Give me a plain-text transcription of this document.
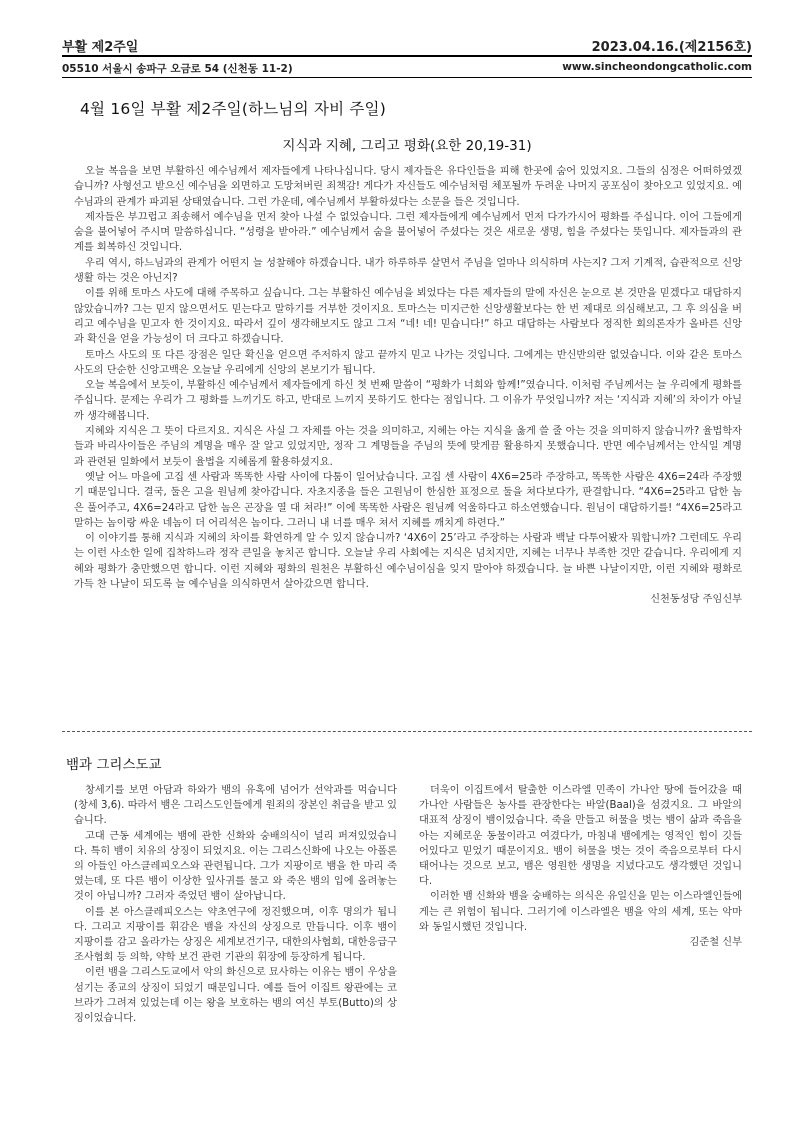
부활 제2주일	2023.04.16.(제2156호)
05510 서울시 송파구 오금로 54 (신천동 11-2)	www.sincheondongcatholic.com
4월 16일 부활 제2주일(하느님의 자비 주일)
지식과 지혜, 그리고 평화(요한 20,19-31)

오늘 복음을 보면 부활하신 예수님께서 제자들에게 나타나십니다. 당시 제자들은 유다인들을 피해 한곳에 숨어 있었지요. 그들의 심정은 어떠하였겠습니까? 사형선고 받으신 예수님을 외면하고 도망쳐버린 죄책감! 게다가 자신들도 예수님처럼 체포될까 두려운 나머지 공포심이 찾아오고 있었지요. 예수님과의 관계가 파괴된 상태였습니다. 그런 가운데, 예수님께서 부활하셨다는 소문을 들은 것입니다.

제자들은 부끄럽고 죄송해서 예수님을 먼저 찾아 나설 수 없었습니다. 그런 제자들에게 예수님께서 먼저 다가가시어 평화를 주십니다. 이어 그들에게 숨을 불어넣어 주시며 말씀하십니다. “성령을 받아라.” 예수님께서 숨을 불어넣어 주셨다는 것은 새로운 생명, 힘을 주셨다는 뜻입니다. 제자들과의 관계를 회복하신 것입니다.

우리 역시, 하느님과의 관계가 어떤지 늘 성찰해야 하겠습니다. 내가 하루하루 살면서 주님을 얼마나 의식하며 사는지? 그저 기계적, 습관적으로 신앙생활 하는 것은 아닌지?

이를 위해 토마스 사도에 대해 주목하고 싶습니다. 그는 부활하신 예수님을 뵈었다는 다른 제자들의 말에 자신은 눈으로 본 것만을 믿겠다고 대답하지 않았습니까? 그는 믿지 않으면서도 믿는다고 말하기를 거부한 것이지요. 토마스는 미지근한 신앙생활보다는 한 번 제대로 의심해보고, 그 후 의심을 버리고 예수님을 믿고자 한 것이지요. 따라서 깊이 생각해보지도 않고 그저 “네! 네! 믿습니다!” 하고 대답하는 사람보다 정직한 회의론자가 올바른 신앙과 확신을 얻을 가능성이 더 크다고 하겠습니다.

토마스 사도의 또 다른 장점은 일단 확신을 얻으면 주저하지 않고 끝까지 믿고 나가는 것입니다. 그에게는 반신반의란 없었습니다. 이와 같은 토마스 사도의 단순한 신앙고백은 오늘날 우리에게 신앙의 본보기가 됩니다.

오늘 복음에서 보듯이, 부활하신 예수님께서 제자들에게 하신 첫 번째 말씀이 “평화가 너희와 함께!”였습니다. 이처럼 주님께서는 늘 우리에게 평화를 주십니다. 문제는 우리가 그 평화를 느끼기도 하고, 반대로 느끼지 못하기도 한다는 점입니다. 그 이유가 무엇입니까? 저는 ‘지식과 지혜’의 차이가 아닐까 생각해봅니다.

지혜와 지식은 그 뜻이 다르지요. 지식은 사실 그 자체를 아는 것을 의미하고, 지혜는 아는 지식을 옳게 쓸 줄 아는 것을 의미하지 않습니까? 율법학자들과 바리사이들은 주님의 계명을 매우 잘 알고 있었지만, 정작 그 계명들을 주님의 뜻에 맞게끔 활용하지 못했습니다. 반면 예수님께서는 안식일 계명과 관련된 일화에서 보듯이 율법을 지혜롭게 활용하셨지요.

옛날 어느 마을에 고집 센 사람과 똑똑한 사람 사이에 다툼이 일어났습니다. 고집 센 사람이 4X6=25라 주장하고, 똑똑한 사람은 4X6=24라 주장했기 때문입니다. 결국, 둘은 고을 원님께 찾아갑니다. 자초지종을 들은 고원님이 한심한 표정으로 둘을 쳐다보다가, 판결합니다. “4X6=25라고 답한 놈은 풀어주고, 4X6=24라고 답한 놈은 곤장을 열 대 쳐라!” 이에 똑똑한 사람은 원님께 억울하다고 하소연했습니다. 원님이 대답하기를! “4X6=25라고 말하는 놈이랑 싸운 네놈이 더 어리석은 놈이다. 그러니 내 너를 매우 쳐서 지혜를 깨치게 하련다.”

이 이야기를 통해 지식과 지혜의 차이를 확연하게 알 수 있지 않습니까? ‘4X6이 25’라고 주장하는 사람과 백날 다투어봤자 뭐합니까? 그런데도 우리는 이런 사소한 일에 집착하느라 정작 큰일을 놓치곤 합니다. 오늘날 우리 사회에는 지식은 넘치지만, 지혜는 너무나 부족한 것만 같습니다. 우리에게 지혜와 평화가 충만했으면 합니다. 이런 지혜와 평화의 원천은 부활하신 예수님이심을 잊지 말아야 하겠습니다. 늘 바쁜 나날이지만, 이런 지혜와 평화로 가득 찬 나날이 되도록 늘 예수님을 의식하면서 살아갔으면 합니다.

신천동성당 주임신부
뱀과 그리스도교

창세기를 보면 아담과 하와가 뱀의 유혹에 넘어가 선악과를 먹습니다(창세 3,6). 따라서 뱀은 그리스도인들에게 원죄의 장본인 취급을 받고 있습니다.

고대 근동 세계에는 뱀에 관한 신화와 숭배의식이 널리 퍼져있었습니다. 특히 뱀이 치유의 상징이 되었지요. 이는 그리스신화에 나오는 아폴론의 아들인 아스클레피오스와 관련됩니다. 그가 지팡이로 뱀을 한 마리 죽였는데, 또 다른 뱀이 이상한 잎사귀를 물고 와 죽은 뱀의 입에 올려놓는 것이 아닙니까? 그러자 죽었던 뱀이 살아납니다.

이를 본 아스클레피오스는 약초연구에 정진했으며, 이후 명의가 됩니다. 그리고 지팡이를 휘감은 뱀을 자신의 상징으로 만듭니다. 이후 뱀이 지팡이를 감고 올라가는 상징은 세계보건기구, 대한의사협회, 대한응급구조사협회 등 의학, 약학 보건 관련 기관의 휘장에 등장하게 됩니다.

이런 뱀을 그리스도교에서 악의 화신으로 묘사하는 이유는 뱀이 우상을 섬기는 종교의 상징이 되었기 때문입니다. 예를 들어 이집트 왕관에는 코브라가 그려져 있었는데 이는 왕을 보호하는 뱀의 여신 부토(Butto)의 상징이었습니다.

더욱이 이집트에서 탈출한 이스라엘 민족이 가나안 땅에 들어갔을 때 가나안 사람들은 농사를 관장한다는 바알(Baal)을 섬겼지요. 그 바알의 대표적 상징이 뱀이었습니다. 죽을 만들고 허물을 벗는 뱀이 삶과 죽음을 아는 지혜로운 동물이라고 여겼다가, 마침내 뱀에게는 영적인 힘이 깃들어있다고 믿었기 때문이지요. 뱀이 허물을 벗는 것이 죽음으로부터 다시 태어나는 것으로 보고, 뱀은 영원한 생명을 지녔다고도 생각했던 것입니다.

이러한 뱀 신화와 뱀을 숭배하는 의식은 유일신을 믿는 이스라엘인들에게는 큰 위험이 됩니다. 그러기에 이스라엘은 뱀을 악의 세계, 또는 악마와 동일시했던 것입니다.

김준철 신부
